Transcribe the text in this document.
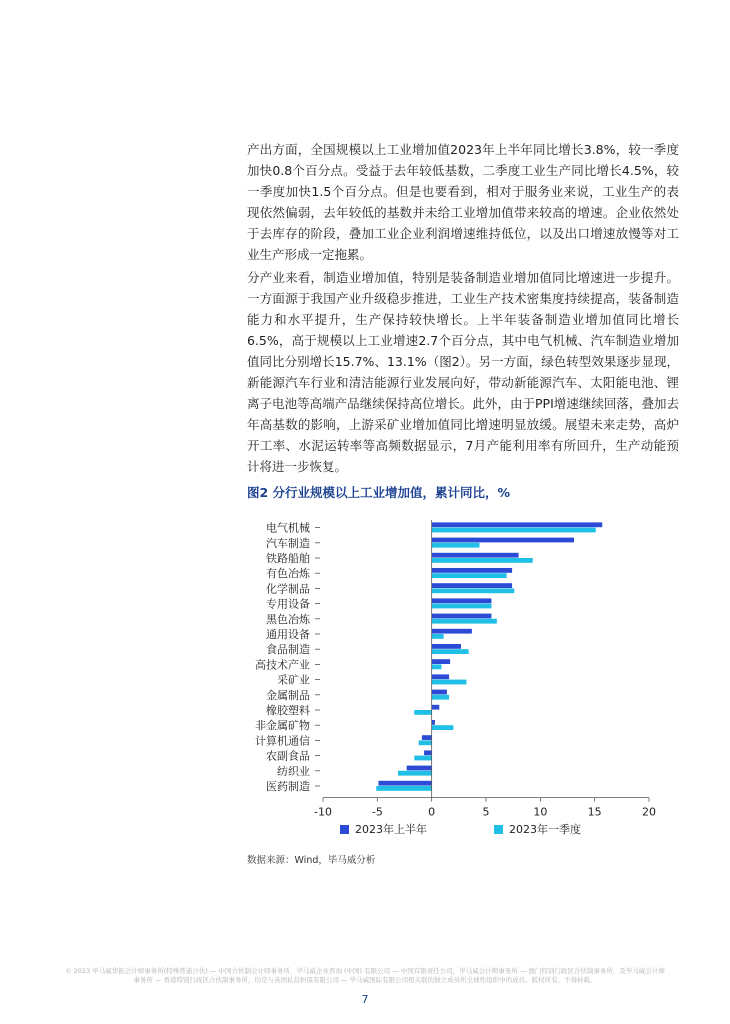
产出方面，全国规模以上工业增加值2023年上半年同比增长3.8%，较一季度加快0.8个百分点。受益于去年较低基数，二季度工业生产同比增长4.5%，较一季度加快1.5个百分点。但是也要看到，相对于服务业来说，工业生产的表现依然偏弱，去年较低的基数并未给工业增加值带来较高的增速。企业依然处于去库存的阶段，叠加工业企业利润增速维持低位，以及出口增速放慢等对工业生产形成一定拖累。

分产业来看，制造业增加值，特别是装备制造业增加值同比增速进一步提升。一方面源于我国产业升级稳步推进，工业生产技术密集度持续提高，装备制造能力和水平提升，生产保持较快增长。上半年装备制造业增加值同比增长6.5%，高于规模以上工业增速2.7个百分点，其中电气机械、汽车制造业增加值同比分别增长15.7%、13.1%（图2）。另一方面，绿色转型效果逐步显现，新能源汽车行业和清洁能源行业发展向好，带动新能源汽车、太阳能电池、锂离子电池等高端产品继续保持高位增长。此外，由于PPI增速继续回落，叠加去年高基数的影响，上游采矿业增加值同比增速明显放缓。展望未来走势，高炉开工率、水泥运转率等高频数据显示，7月产能利用率有所回升，生产动能预计将进一步恢复。

图2 分行业规模以上工业增加值，累计同比，%
电气机械
汽车制造
铁路船舶
有色冶炼
化学制品
专用设备
黑色冶炼
通用设备
食品制造
高技术产业
采矿业
金属制品
橡胶塑料
非金属矿物
计算机通信
农副食品
纺织业
医药制造
-10	-5	0	5	10	15	20
2023年上半年	2023年一季度
数据来源：Wind，毕马威分析
© 2023 毕马威华振会计师事务所(特殊普通合伙) — 中国合伙制会计师事务所，毕马威企业咨询 (中国) 有限公司 — 中国有限责任公司，毕马威会计师事务所 — 澳门特别行政区合伙制事务所，及毕马威会计师事务所 — 香港特别行政区合伙制事务所，均是与英国私营担保有限公司 — 毕马威国际有限公司相关联的独立成员所全球性组织中的成员。版权所有，不得转载。
7
